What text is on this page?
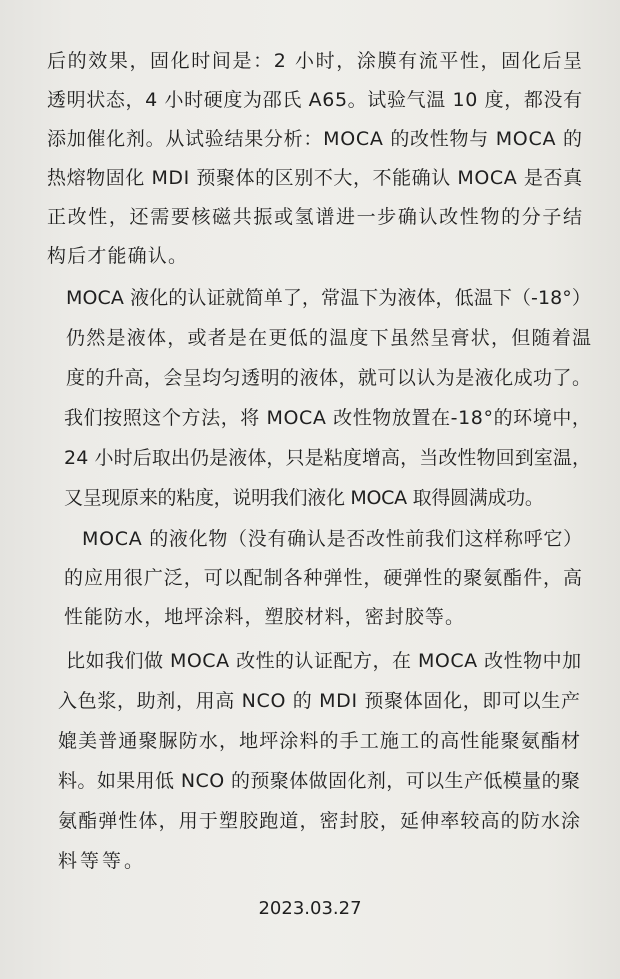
后的效果，固化时间是：2 小时，涂膜有流平性，固化后呈
透明状态，4 小时硬度为邵氏 A65。试验气温 10 度，都没有
添加催化剂。从试验结果分析：MOCA 的改性物与 MOCA 的
热熔物固化 MDI 预聚体的区别不大，不能确认 MOCA 是否真
正改性，还需要核磁共振或氢谱进一步确认改性物的分子结
构后才能确认。
MOCA 液化的认证就简单了，常温下为液体，低温下（-18°）
仍然是液体，或者是在更低的温度下虽然呈膏状，但随着温
度的升高，会呈均匀透明的液体，就可以认为是液化成功了。
我们按照这个方法，将 MOCA 改性物放置在-18°的环境中，
24 小时后取出仍是液体，只是粘度增高，当改性物回到室温，
又呈现原来的粘度，说明我们液化 MOCA 取得圆满成功。
MOCA 的液化物（没有确认是否改性前我们这样称呼它）
的应用很广泛，可以配制各种弹性，硬弹性的聚氨酯件，高
性能防水，地坪涂料，塑胶材料，密封胶等。
比如我们做 MOCA 改性的认证配方，在 MOCA 改性物中加
入色浆，助剂，用高 NCO 的 MDI 预聚体固化，即可以生产
媲美普通聚脲防水，地坪涂料的手工施工的高性能聚氨酯材
料。如果用低 NCO 的预聚体做固化剂，可以生产低模量的聚
氨酯弹性体，用于塑胶跑道，密封胶，延伸率较高的防水涂
料等等。
2023.03.27
